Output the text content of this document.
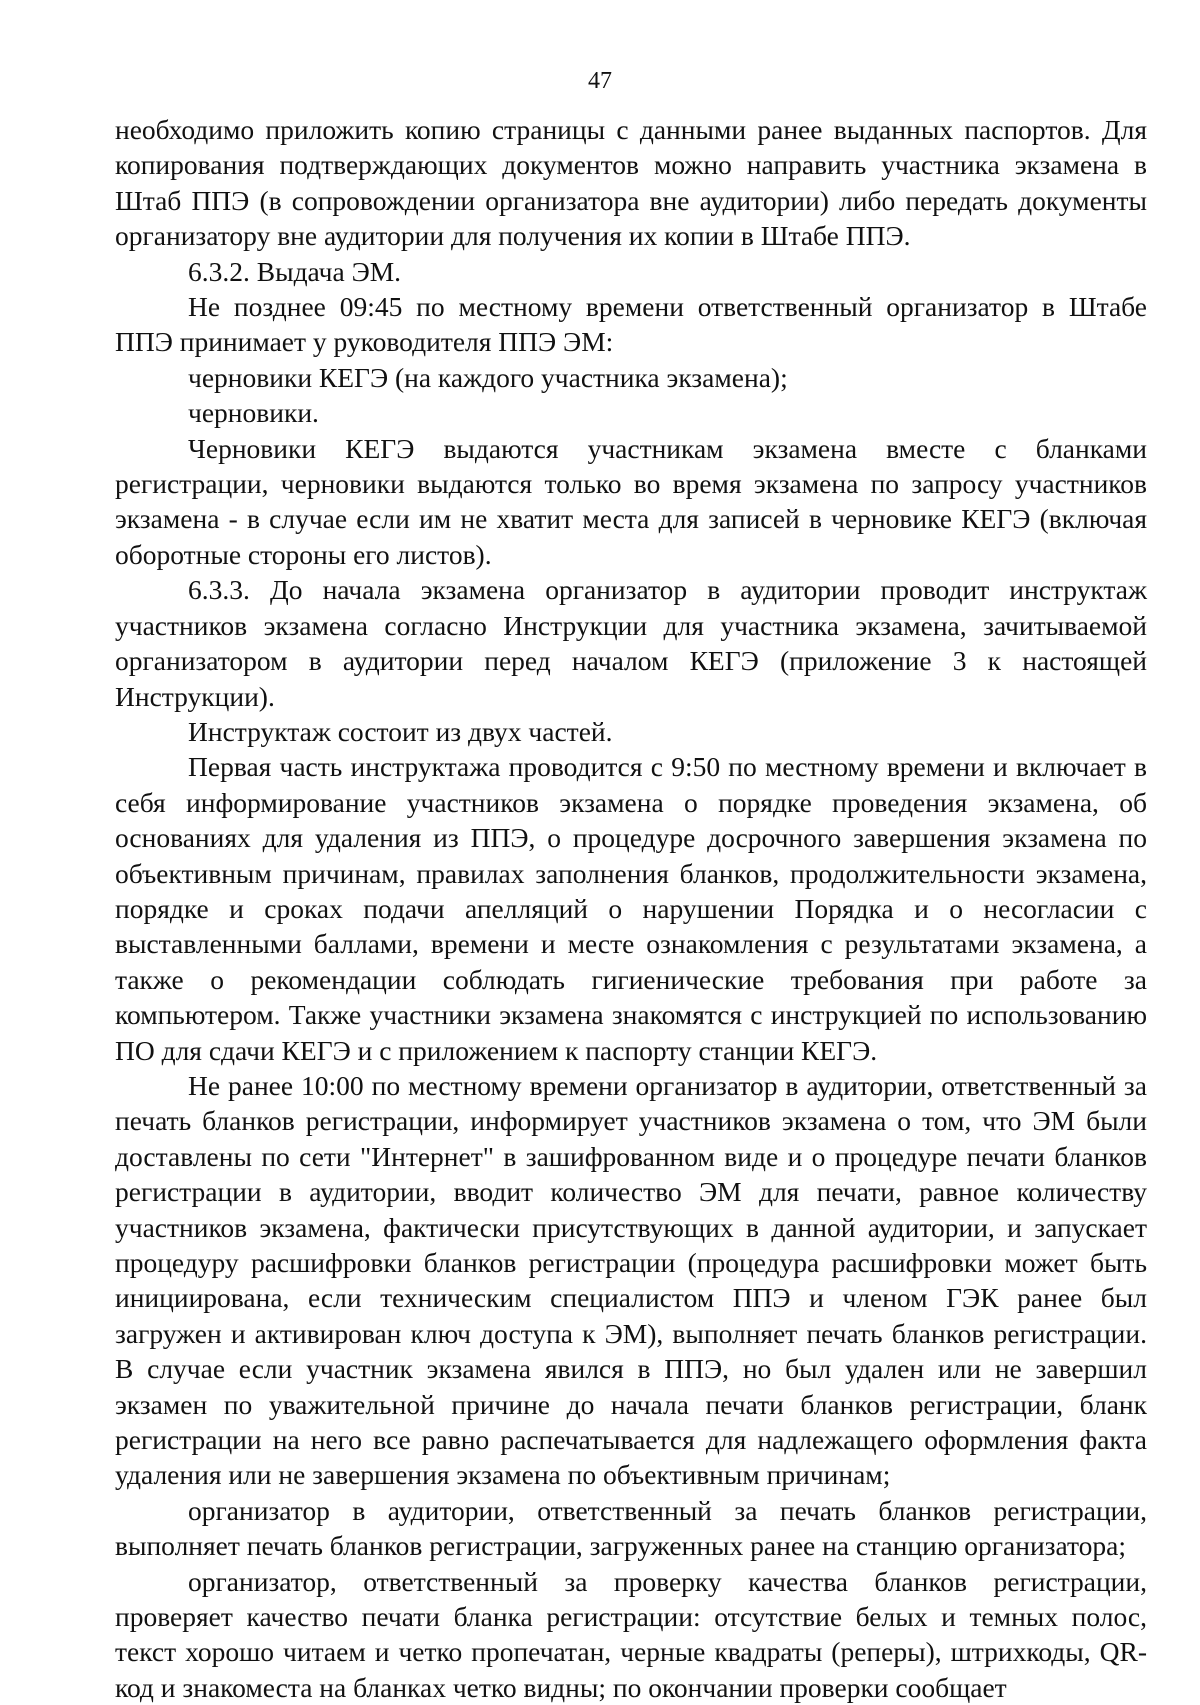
47

необходимо приложить копию страницы с данными ранее выданных паспортов. Для копирования подтверждающих документов можно направить участника экзамена в Штаб ППЭ (в сопровождении организатора вне аудитории) либо передать документы организатору вне аудитории для получения их копии в Штабе ППЭ.

6.3.2. Выдача ЭМ.

Не позднее 09:45 по местному времени ответственный организатор в Штабе ППЭ принимает у руководителя ППЭ ЭМ:

черновики КЕГЭ (на каждого участника экзамена);

черновики.

Черновики КЕГЭ выдаются участникам экзамена вместе с бланками регистрации, черновики выдаются только во время экзамена по запросу участников экзамена - в случае если им не хватит места для записей в черновике КЕГЭ (включая оборотные стороны его листов).

6.3.3. До начала экзамена организатор в аудитории проводит инструктаж участников экзамена согласно Инструкции для участника экзамена, зачитываемой организатором в аудитории перед началом КЕГЭ (приложение 3 к настоящей Инструкции).

Инструктаж состоит из двух частей.

Первая часть инструктажа проводится с 9:50 по местному времени и включает в себя информирование участников экзамена о порядке проведения экзамена, об основаниях для удаления из ППЭ, о процедуре досрочного завершения экзамена по объективным причинам, правилах заполнения бланков, продолжительности экзамена, порядке и сроках подачи апелляций о нарушении Порядка и о несогласии с выставленными баллами, времени и месте ознакомления с результатами экзамена, а также о рекомендации соблюдать гигиенические требования при работе за компьютером. Также участники экзамена знакомятся с инструкцией по использованию ПО для сдачи КЕГЭ и с приложением к паспорту станции КЕГЭ.

Не ранее 10:00 по местному времени организатор в аудитории, ответственный за печать бланков регистрации, информирует участников экзамена о том, что ЭМ были доставлены по сети "Интернет" в зашифрованном виде и о процедуре печати бланков регистрации в аудитории, вводит количество ЭМ для печати, равное количеству участников экзамена, фактически присутствующих в данной аудитории, и запускает процедуру расшифровки бланков регистрации (процедура расшифровки может быть инициирована, если техническим специалистом ППЭ и членом ГЭК ранее был загружен и активирован ключ доступа к ЭМ), выполняет печать бланков регистрации. В случае если участник экзамена явился в ППЭ, но был удален или не завершил экзамен по уважительной причине до начала печати бланков регистрации, бланк регистрации на него все равно распечатывается для надлежащего оформления факта удаления или не завершения экзамена по объективным причинам;

организатор в аудитории, ответственный за печать бланков регистрации, выполняет печать бланков регистрации, загруженных ранее на станцию организатора;

организатор, ответственный за проверку качества бланков регистрации, проверяет качество печати бланка регистрации: отсутствие белых и темных полос, текст хорошо читаем и четко пропечатан, черные квадраты (реперы), штрихкоды, QR-код и знакоместа на бланках четко видны; по окончании проверки сообщает
